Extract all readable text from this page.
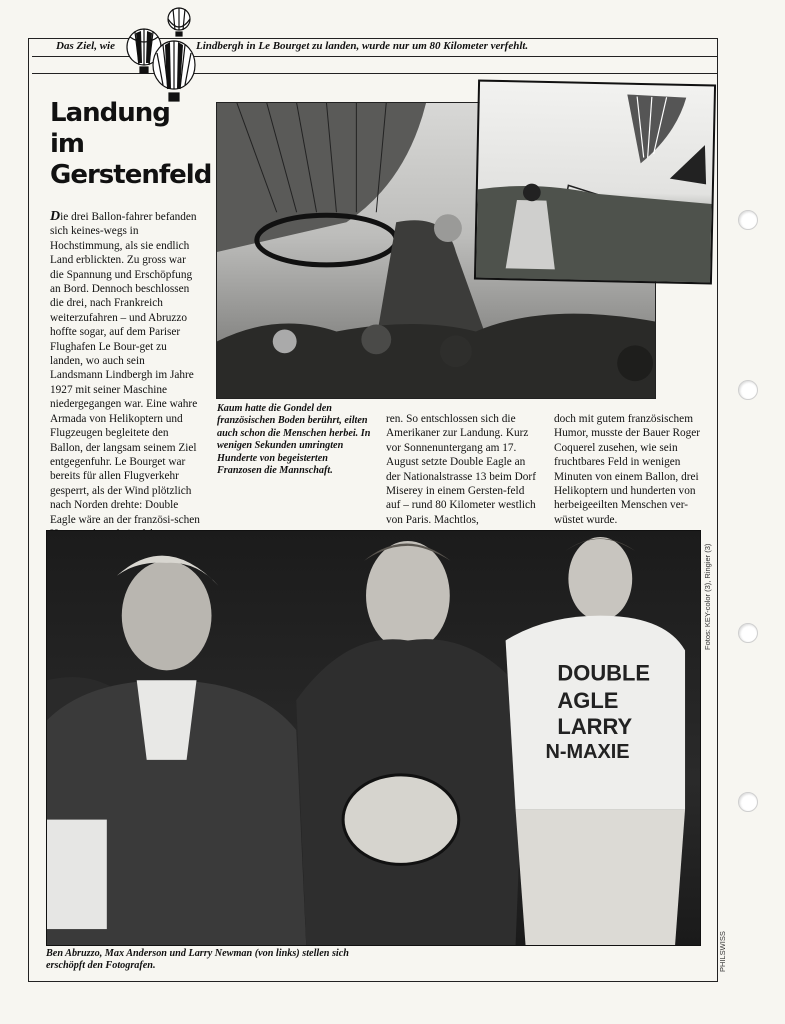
Das Ziel, wie	Lindbergh in Le Bourget zu landen, wurde nur um 80 Kilometer verfehlt.
Landung
im
Gerstenfeld
Die drei Ballon-fahrer befanden sich keines-wegs in Hochstimmung, als sie endlich Land erblickten. Zu gross war die Spannung und Erschöpfung an Bord. Dennoch beschlossen die drei, nach Frankreich weiterzufahren – und Abruzzo hoffte sogar, auf dem Pariser Flughafen Le Bour-get zu landen, wo auch sein Landsmann Lindbergh im Jahre 1927 mit seiner Maschine niedergegangen war. Eine wahre Armada von Helikoptern und Flugzeugen begleitete den Ballon, der langsam seinem Ziel entgegenfuhr. Le Bourget war bereits für allen Flugverkehr gesperrt, als der Wind plötzlich nach Norden drehte: Double Eagle wäre an der französi-schen
Kaum hatte die Gondel den französischen Boden berührt, eilten auch schon die Menschen herbei. In wenigen Sekunden umringten Hunderte von begeisterten Franzosen die Mannschaft.
ren. So entschlossen sich die Amerikaner zur Landung. Kurz vor Sonnenuntergang am 17. August setzte Double Eagle an der Nationalstrasse 13 beim Dorf Miserey in einem Gersten-feld auf – rund 80 Kilometer westlich von Paris. Machtlos,
doch mit gutem französischem Humor, musste der Bauer Roger Coquerel zusehen, wie sein fruchtbares Feld in wenigen Minuten von einem Ballon, drei Helikoptern und hunderten von herbeigeeilten Menschen ver-wüstet wurde.
DOUBLE
AGLE
LARRY
N-MAXIE
Ben Abruzzo, Max Anderson und Larry Newman (von links) stellen sich erschöpft den Fotografen.
Fotos: KEY-color (3), Ringier (3)
PHILSWISS
